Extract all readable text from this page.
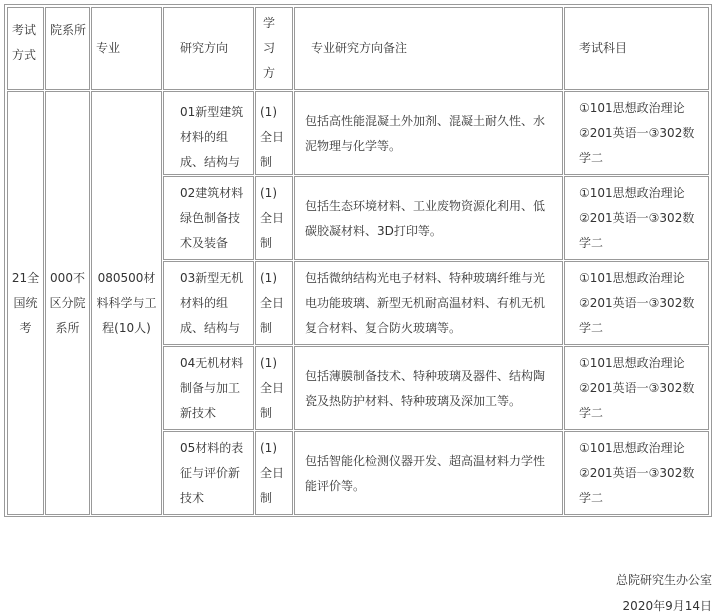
考试方式
院系所
专业	研究方向
学习方
专业研究方向备注	考试科目
21全国统考
000不区分院系所
080500材料科学与工程(10人)
01新型建筑材料的组成、结构与
(1)全日制
包括高性能混凝土外加剂、混凝土耐久性、水泥物理与化学等。
①101思想政治理论
②201英语一③302数学二
02建筑材料绿色制备技术及装备
(1)全日制
包括生态环境材料、工业废物资源化利用、低碳胶凝材料、3D打印等。
①101思想政治理论
②201英语一③302数学二
03新型无机材料的组成、结构与
(1)全日制
包括微纳结构光电子材料、特种玻璃纤维与光电功能玻璃、新型无机耐高温材料、有机无机复合材料、复合防火玻璃等。
①101思想政治理论
②201英语一③302数学二
04无机材料制备与加工新技术
(1)全日制
包括薄膜制备技术、特种玻璃及器件、结构陶瓷及热防护材料、特种玻璃及深加工等。
①101思想政治理论
②201英语一③302数学二
05材料的表征与评价新技术
(1)全日制
包括智能化检测仪器开发、超高温材料力学性能评价等。
①101思想政治理论
②201英语一③302数学二
总院研究生办公室
2020年9月14日
